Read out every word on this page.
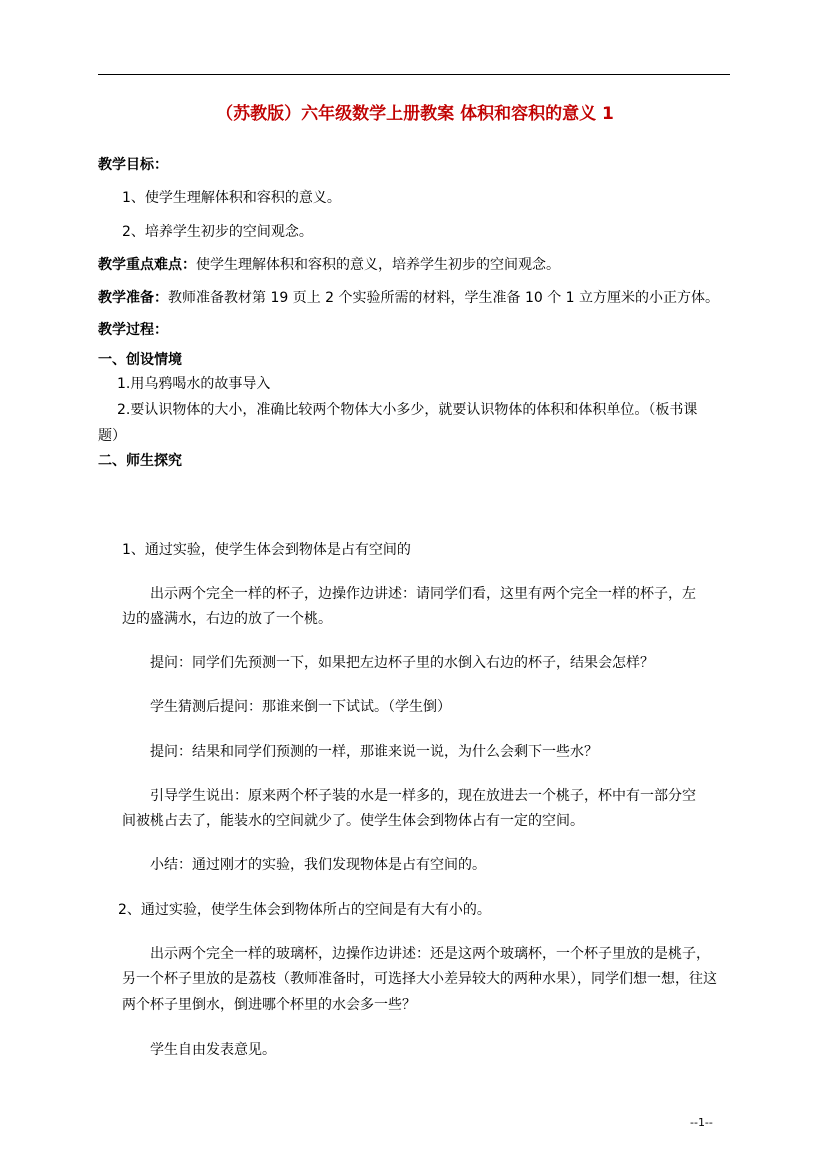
（苏教版）六年级数学上册教案 体积和容积的意义 1
教学目标：
1、使学生理解体积和容积的意义。
2、培养学生初步的空间观念。
教学重点难点：使学生理解体积和容积的意义，培养学生初步的空间观念。
教学准备：教师准备教材第 19 页上 2 个实验所需的材料，学生准备 10 个 1 立方厘米的小正方体。
教学过程：
一、创设情境
1.用乌鸦喝水的故事导入
2.要认识物体的大小，准确比较两个物体大小多少，就要认识物体的体积和体积单位。（板书课
题）
二、师生探究
1、通过实验，使学生体会到物体是占有空间的
出示两个完全一样的杯子，边操作边讲述：请同学们看，这里有两个完全一样的杯子，左
边的盛满水，右边的放了一个桃。
提问：同学们先预测一下，如果把左边杯子里的水倒入右边的杯子，结果会怎样？
学生猜测后提问：那谁来倒一下试试。（学生倒）
提问：结果和同学们预测的一样，那谁来说一说，为什么会剩下一些水？
引导学生说出：原来两个杯子装的水是一样多的，现在放进去一个桃子，杯中有一部分空
间被桃占去了，能装水的空间就少了。使学生体会到物体占有一定的空间。
小结：通过刚才的实验，我们发现物体是占有空间的。
2、通过实验，使学生体会到物体所占的空间是有大有小的。
出示两个完全一样的玻璃杯，边操作边讲述：还是这两个玻璃杯，一个杯子里放的是桃子，
另一个杯子里放的是荔枝（教师准备时，可选择大小差异较大的两种水果），同学们想一想，往这
两个杯子里倒水，倒进哪个杯里的水会多一些？
学生自由发表意见。
--1--
